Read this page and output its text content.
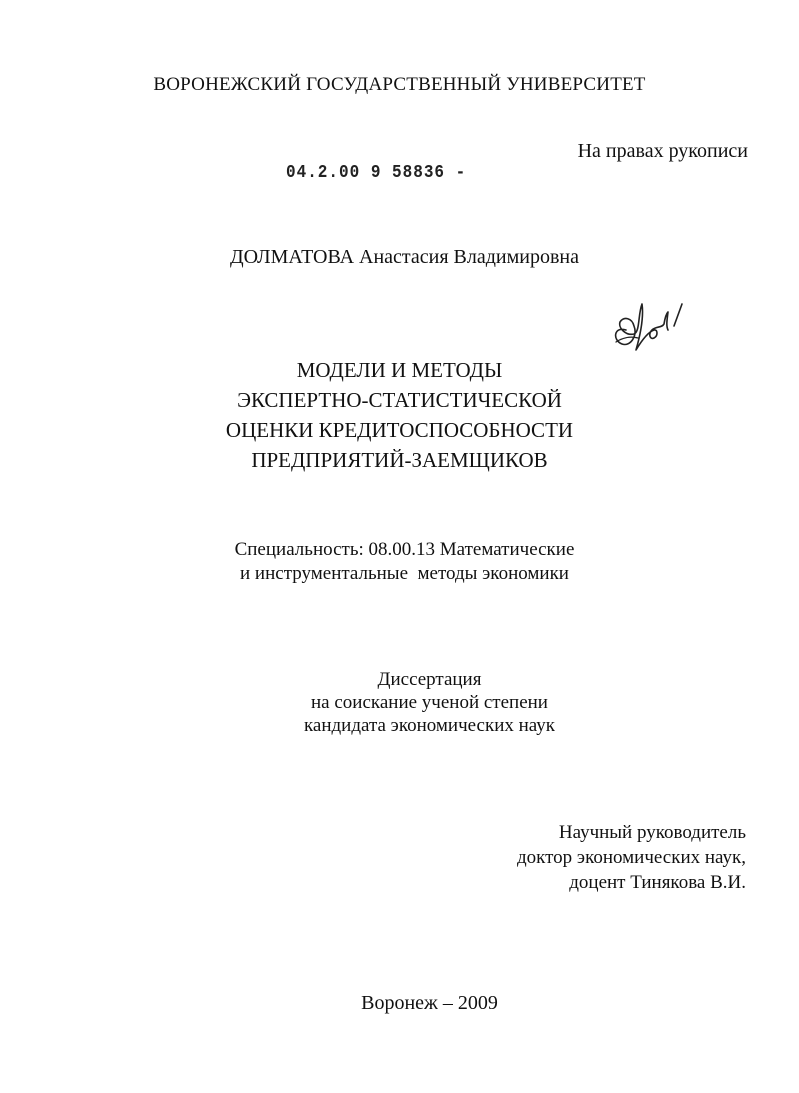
ВОРОНЕЖСКИЙ ГОСУДАРСТВЕННЫЙ УНИВЕРСИТЕТ
На правах рукописи
04.2.00 9 58836 -
ДОЛМАТОВА Анастасия Владимировна
МОДЕЛИ И МЕТОДЫ
ЭКСПЕРТНО-СТАТИСТИЧЕСКОЙ
ОЦЕНКИ КРЕДИТОСПОСОБНОСТИ
ПРЕДПРИЯТИЙ-ЗАЕМЩИКОВ
Специальность: 08.00.13 Математические
и инструментальные  методы экономики
Диссертация
на соискание ученой степени
кандидата экономических наук
Научный руководитель
доктор экономических наук,
доцент Тинякова В.И.
Воронеж – 2009
